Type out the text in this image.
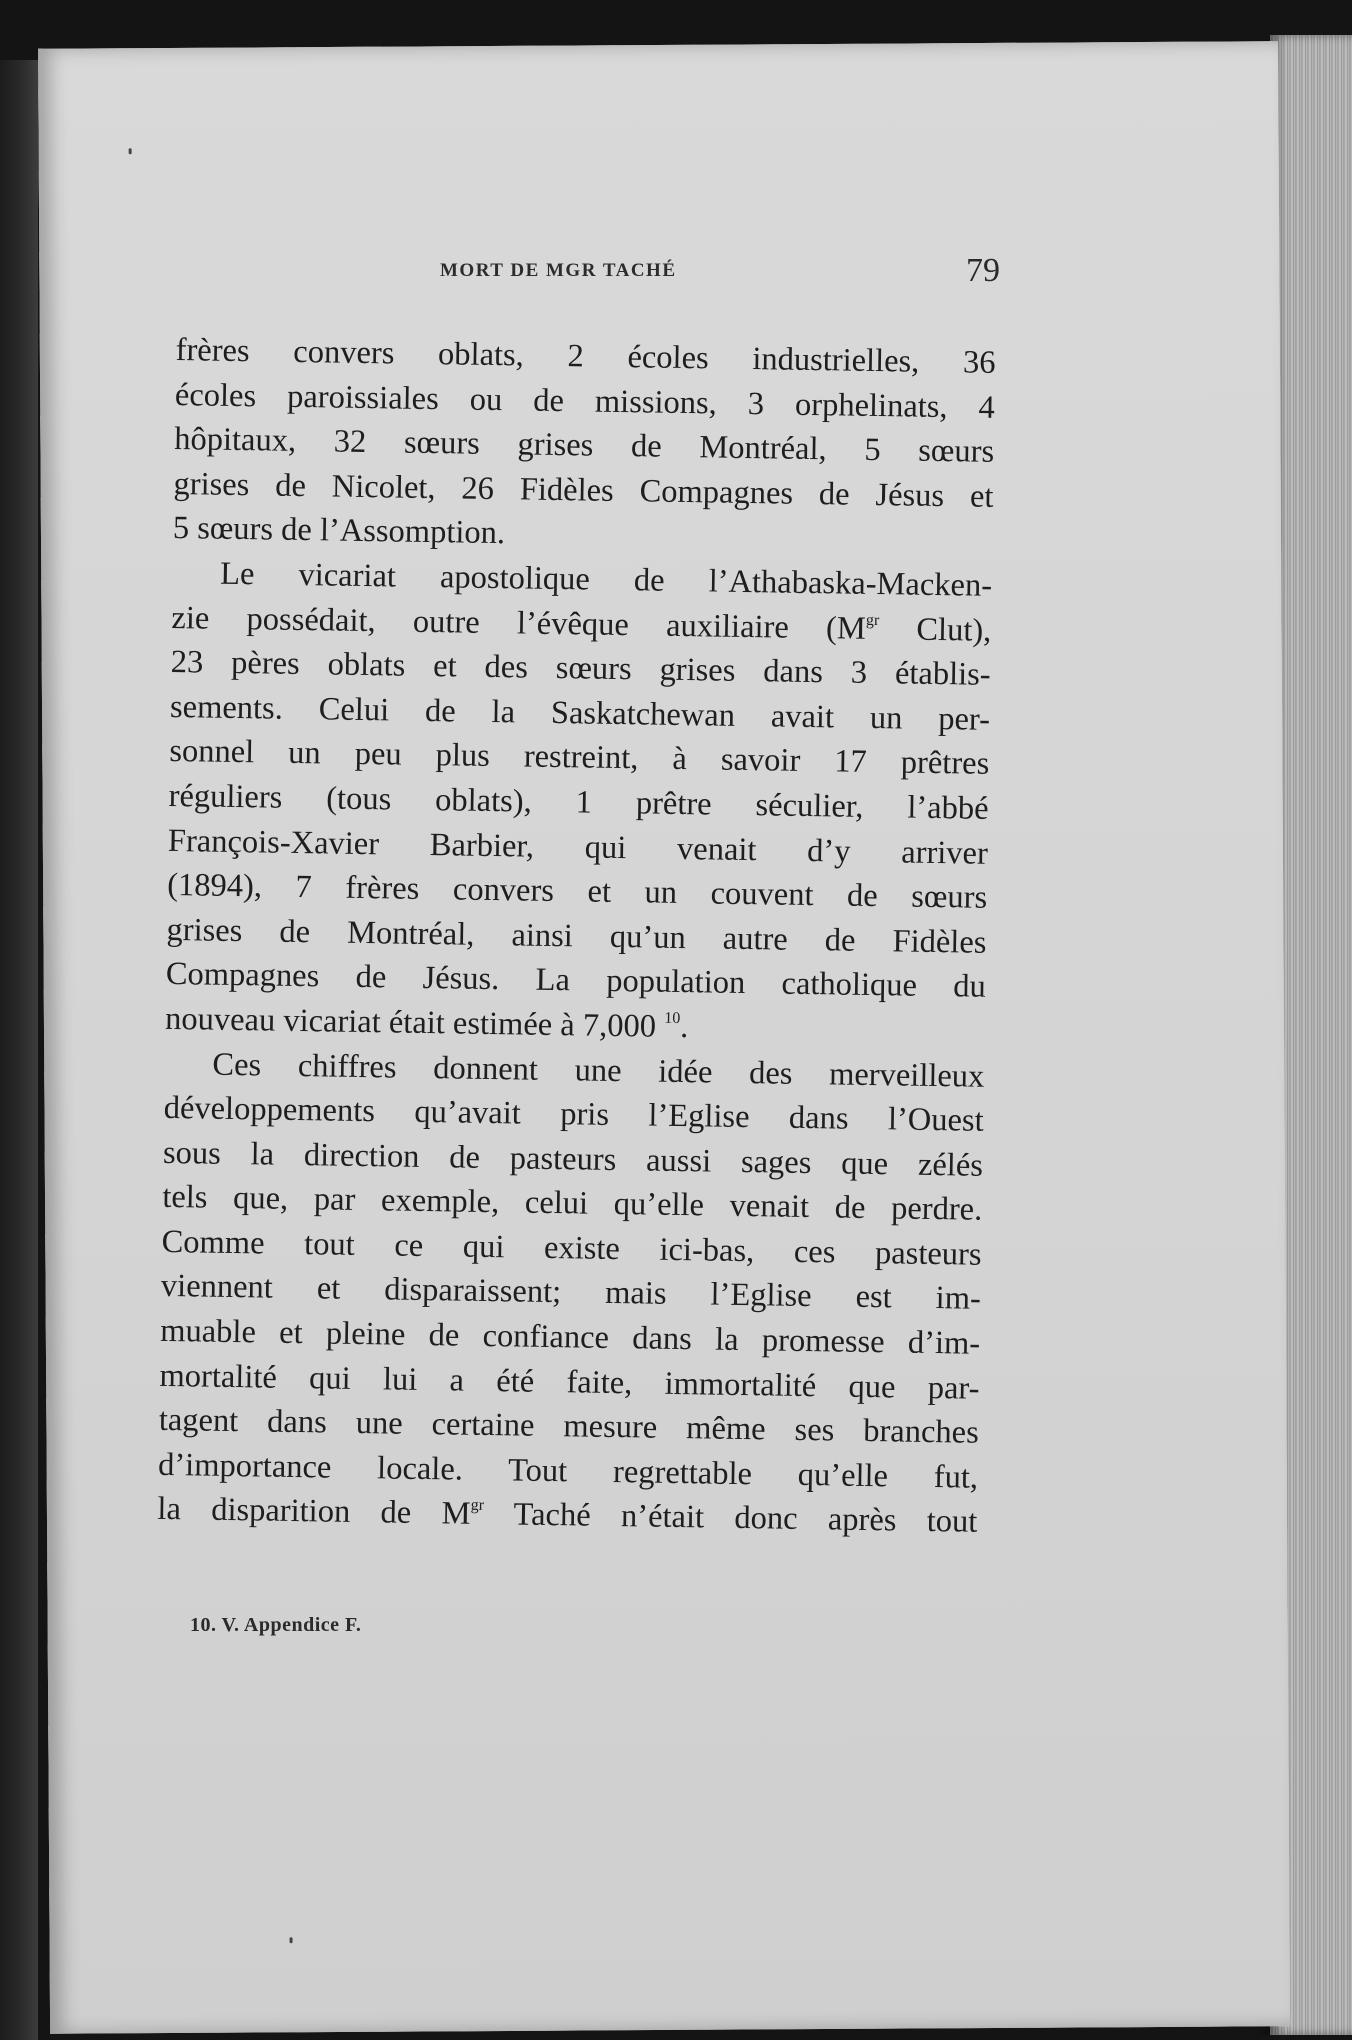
MORT DE MGR TACHÉ	79
frères convers oblats, 2 écoles industrielles, 36
écoles paroissiales ou de missions, 3 orphelinats, 4
hôpitaux, 32 sœurs grises de Montréal, 5 sœurs
grises de Nicolet, 26 Fidèles Compagnes de Jésus et
5 sœurs de l’Assomption.
Le vicariat apostolique de l’Athabaska-Macken-
zie possédait, outre l’évêque auxiliaire ($M^{gr}$ Clut),
23 pères oblats et des sœurs grises dans 3 établis-
sements. Celui de la Saskatchewan avait un per-
sonnel un peu plus restreint, à savoir 17 prêtres
réguliers (tous oblats), 1 prêtre séculier, l’abbé
François-Xavier Barbier, qui venait d’y arriver
(1894), 7 frères convers et un couvent de sœurs
grises de Montréal, ainsi qu’un autre de Fidèles
Compagnes de Jésus. La population catholique du
nouveau vicariat était estimée à 7,000 $^{10}$.
Ces chiffres donnent une idée des merveilleux
développements qu’avait pris l’Eglise dans l’Ouest
sous la direction de pasteurs aussi sages que zélés
tels que, par exemple, celui qu’elle venait de perdre.
Comme tout ce qui existe ici-bas, ces pasteurs
viennent et disparaissent; mais l’Eglise est im-
muable et pleine de confiance dans la promesse d’im-
mortalité qui lui a été faite, immortalité que par-
tagent dans une certaine mesure même ses branches
d’importance locale. Tout regrettable qu’elle fut,
la disparition de $M^{gr}$ Taché n’était donc après tout
10. V. Appendice F.
